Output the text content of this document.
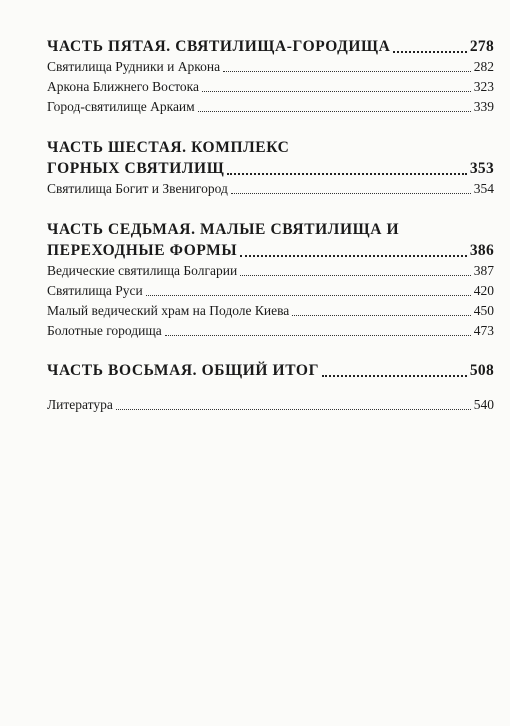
ЧАСТЬ ПЯТАЯ. СВЯТИЛИЩА-ГОРОДИЩА	278
Святилища Рудники и Аркона	282
Аркона Ближнего Востока	323
Город-святилище Аркаим	339
ЧАСТЬ ШЕСТАЯ. КОМПЛЕКС
ГОРНЫХ СВЯТИЛИЩ	353
Святилища Богит и Звенигород	354
ЧАСТЬ СЕДЬМАЯ. МАЛЫЕ СВЯТИЛИЩА И
ПЕРЕХОДНЫЕ ФОРМЫ	386
Ведические святилища Болгарии	387
Святилища Руси	420
Малый ведический храм на Подоле Киева	450
Болотные городища	473
ЧАСТЬ ВОСЬМАЯ. ОБЩИЙ ИТОГ	508
Литература	540
